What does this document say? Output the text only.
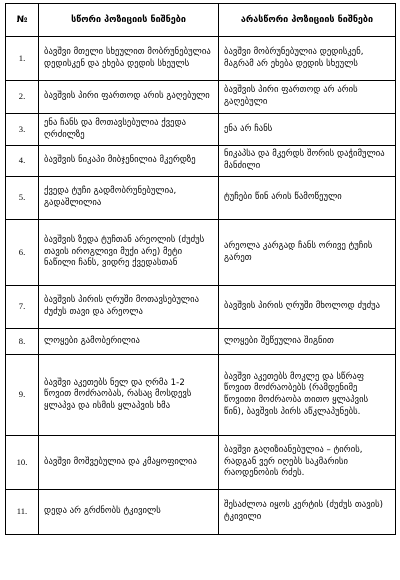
№	სწორი პოზიციის ნიშნები	არასწორი პოზიციის ნიშნები
1.	ბავშვი მთელი სხეულით მობრუნებულია დედისკენ და ეხება დედის სხეულს	ბავშვი მობრუნებულია დედისკენ, მაგრამ არ ეხება დედის სხეულს
2.	ბავშვის პირი ფართოდ არის გაღებული	ბავშვის პირი ფართოდ არ არის გაღებული
3.	ენა ჩანს და მოთავსებულია ქვედა ღრძილზე	ენა არ ჩანს
4.	ბავშვის ნიკაპი მიბჯენილია მკერდზე	ნიკაპსა და მკერდს შორის დაჭიმულია მანძილი
5.	ქვედა ტუჩი გადმობრუნებულია, გადაშლილია	ტუჩები წინ არის წამოწეული
6.	ბავშვის ზედა ტუჩთან არეოლის (ძუძუს თავის იროგლივი მუქი არე) მეტი ნაწილი ჩანს, ვიდრე ქვედასთან	არეოლა კარგად ჩანს ორივე ტუჩის გარეთ
7.	ბავშვის პირის ღრუში მოთავსებულია ძუძუს თავი და არეოლა	ბავშვის პირის ღრუში მხოლოდ ძუძუა
8.	ლოყები გამობერილია	ლოყები შეწეულია შიგნით
9.	ბავშვი აკეთებს ნელ და ღრმა 1-2 წოვით მოძრაობას, რასაც მოსდევს ყლაპვა და ისმის ყლაპვის ხმა	ბავშვი აკეთებს მოკლე და სწრაფ წოვით მოძრაობებს (რამდენიმე წოვითი მოძრაობა თითო ყლაპვის წინ), ბავშვის პირს აწკლაპუნებს.
10.	ბავშვი მოშვებულია და კმაყოფილია	ბავშვი გაღიზიანებულია – ტირის, რადგან ვერ იღებს საკმარისი რაოდენობის რძეს.
11.	დედა არ გრძნობს ტკივილს	შესაძლოა იყოს კერტის (ძუძუს თავის) ტკივილი
